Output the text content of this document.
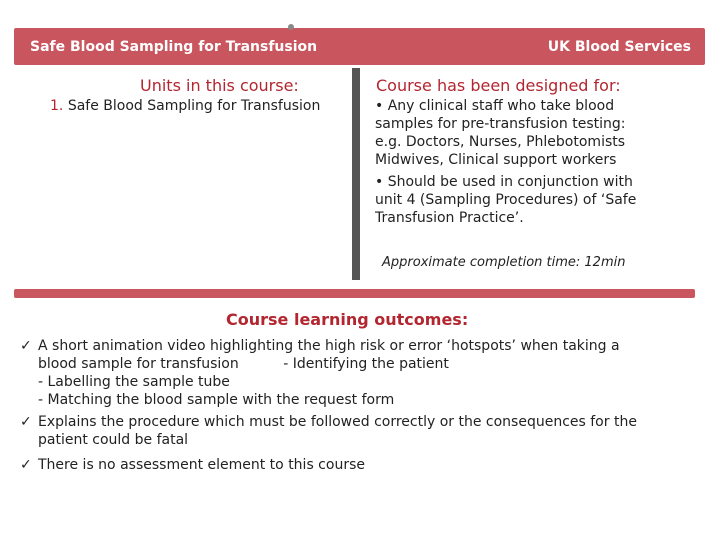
Safe Blood Sampling for Transfusion	UK Blood Services
Units in this course:
1. Safe Blood Sampling for Transfusion
Course has been designed for:

• Any clinical staff who take blood
samples for pre-transfusion testing:
e.g. Doctors, Nurses, Phlebotomists
Midwives, Clinical support workers

• Should be used in conjunction with
unit 4 (Sampling Procedures) of ‘Safe
Transfusion Practice’.

Approximate completion time: 12min
Course learning outcomes:
✓ A short animation video highlighting the high risk or error ‘hotspots’ when taking a
blood sample for transfusion          - Identifying the patient
- Labelling the sample tube
- Matching the blood sample with the request form
✓ Explains the procedure which must be followed correctly or the consequences for the
patient could be fatal
✓ There is no assessment element to this course
